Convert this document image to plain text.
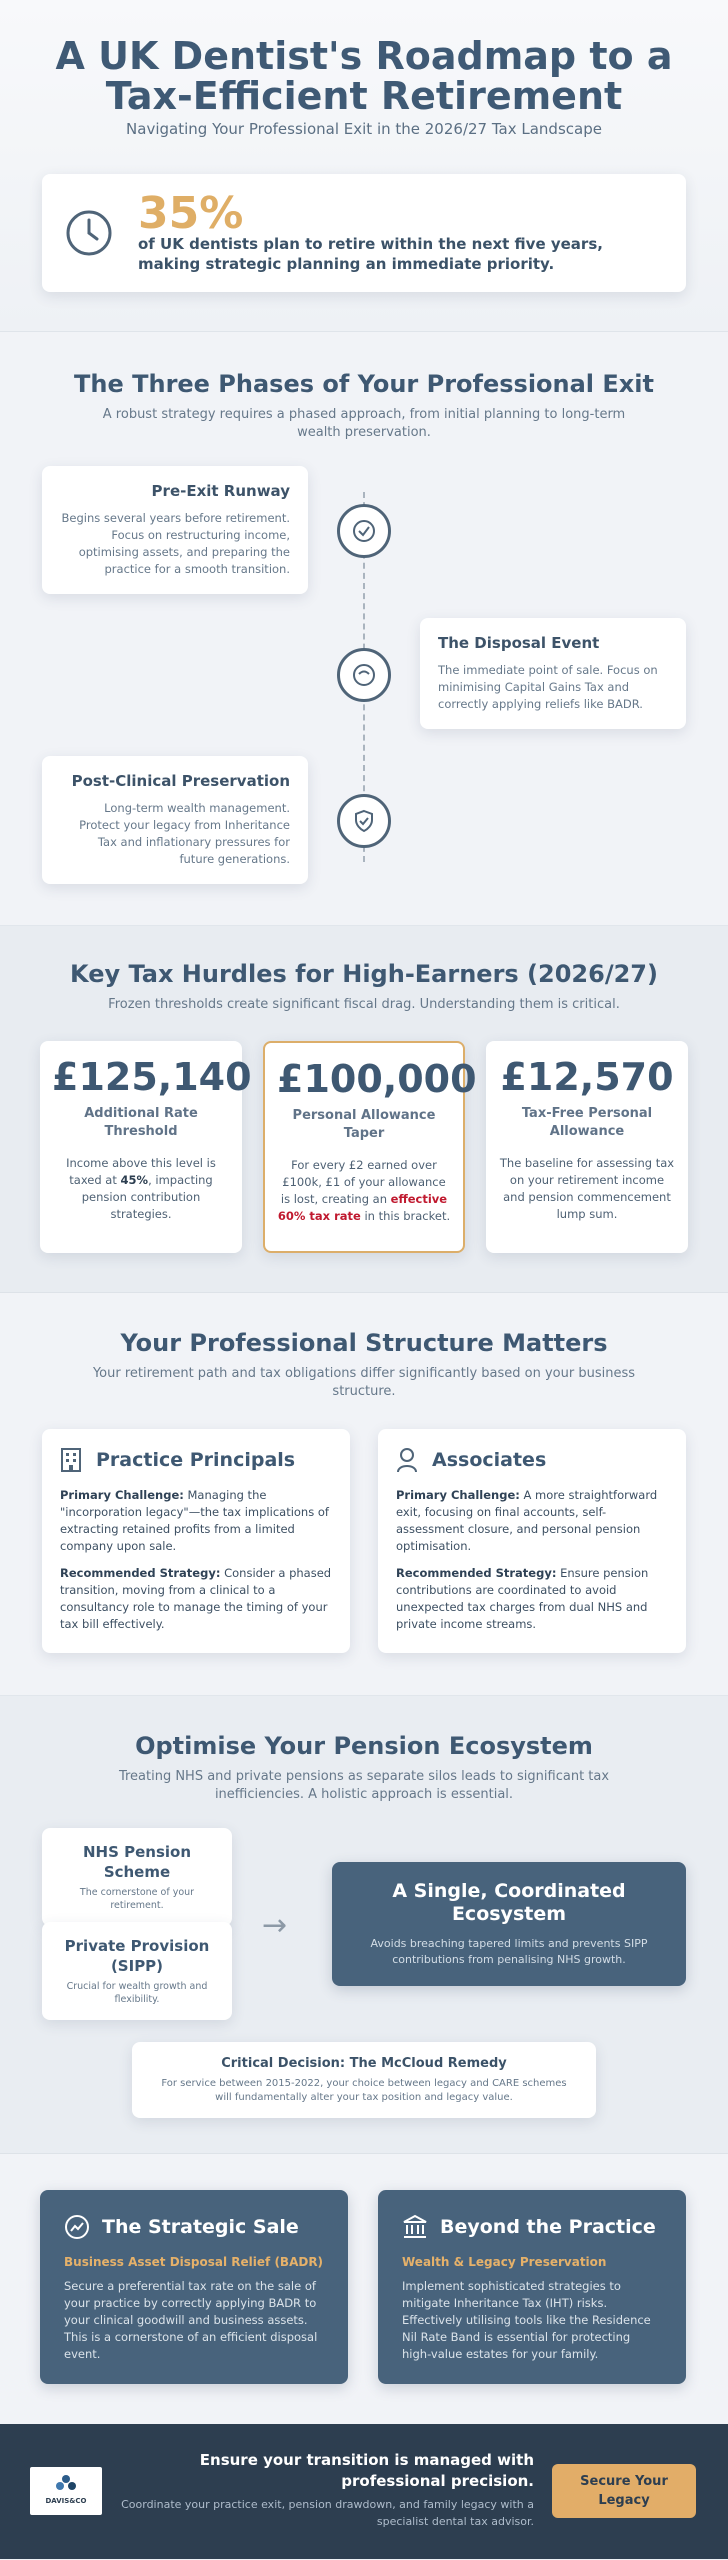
A UK Dentist's Roadmap to a Tax-Efficient Retirement
Navigating Your Professional Exit in the 2026/27 Tax Landscape
35%
of UK dentists plan to retire within the next five years, making strategic planning an immediate priority.
The Three Phases of Your Professional Exit
A robust strategy requires a phased approach, from initial planning to long-term wealth preservation.
Pre-Exit Runway

Begins several years before retirement. Focus on restructuring income, optimising assets, and preparing the practice for a smooth transition.

The Disposal Event

The immediate point of sale. Focus on minimising Capital Gains Tax and correctly applying reliefs like BADR.

Post-Clinical Preservation

Long-term wealth management. Protect your legacy from Inheritance Tax and inflationary pressures for future generations.

Key Tax Hurdles for High-Earners (2026/27)
Frozen thresholds create significant fiscal drag. Understanding them is critical.
£125,140
Additional Rate Threshold
Income above this level is taxed at 45%, impacting pension contribution strategies.
£100,000
Personal Allowance Taper
For every £2 earned over £100k, £1 of your allowance is lost, creating an effective 60% tax rate in this bracket.
£12,570
Tax-Free Personal Allowance
The baseline for assessing tax on your retirement income and pension commencement lump sum.
Your Professional Structure Matters
Your retirement path and tax obligations differ significantly based on your business structure.
Practice Principals

Primary Challenge: Managing the "incorporation legacy"—the tax implications of extracting retained profits from a limited company upon sale.

Recommended Strategy: Consider a phased transition, moving from a clinical to a consultancy role to manage the timing of your tax bill effectively.

Associates

Primary Challenge: A more straightforward exit, focusing on final accounts, self-assessment closure, and personal pension optimisation.

Recommended Strategy: Ensure pension contributions are coordinated to avoid unexpected tax charges from dual NHS and private income streams.

Optimise Your Pension Ecosystem
Treating NHS and private pensions as separate silos leads to significant tax inefficiencies. A holistic approach is essential.
NHS Pension Scheme

The cornerstone of your retirement.

Private Provision (SIPP)

Crucial for wealth growth and flexibility.

→
A Single, Coordinated Ecosystem

Avoids breaching tapered limits and prevents SIPP contributions from penalising NHS growth.

Critical Decision: The McCloud Remedy

For service between 2015-2022, your choice between legacy and CARE schemes will fundamentally alter your tax position and legacy value.

The Strategic Sale
Business Asset Disposal Relief (BADR)

Secure a preferential tax rate on the sale of your practice by correctly applying BADR to your clinical goodwill and business assets. This is a cornerstone of an efficient disposal event.

Beyond the Practice
Wealth & Legacy Preservation

Implement sophisticated strategies to mitigate Inheritance Tax (IHT) risks. Effectively utilising tools like the Residence Nil Rate Band is essential for protecting high-value estates for your family.

DAVIS&CO
Ensure your transition is managed with professional precision.
Coordinate your practice exit, pension drawdown, and family legacy with a specialist dental tax advisor.
Secure Your Legacy
